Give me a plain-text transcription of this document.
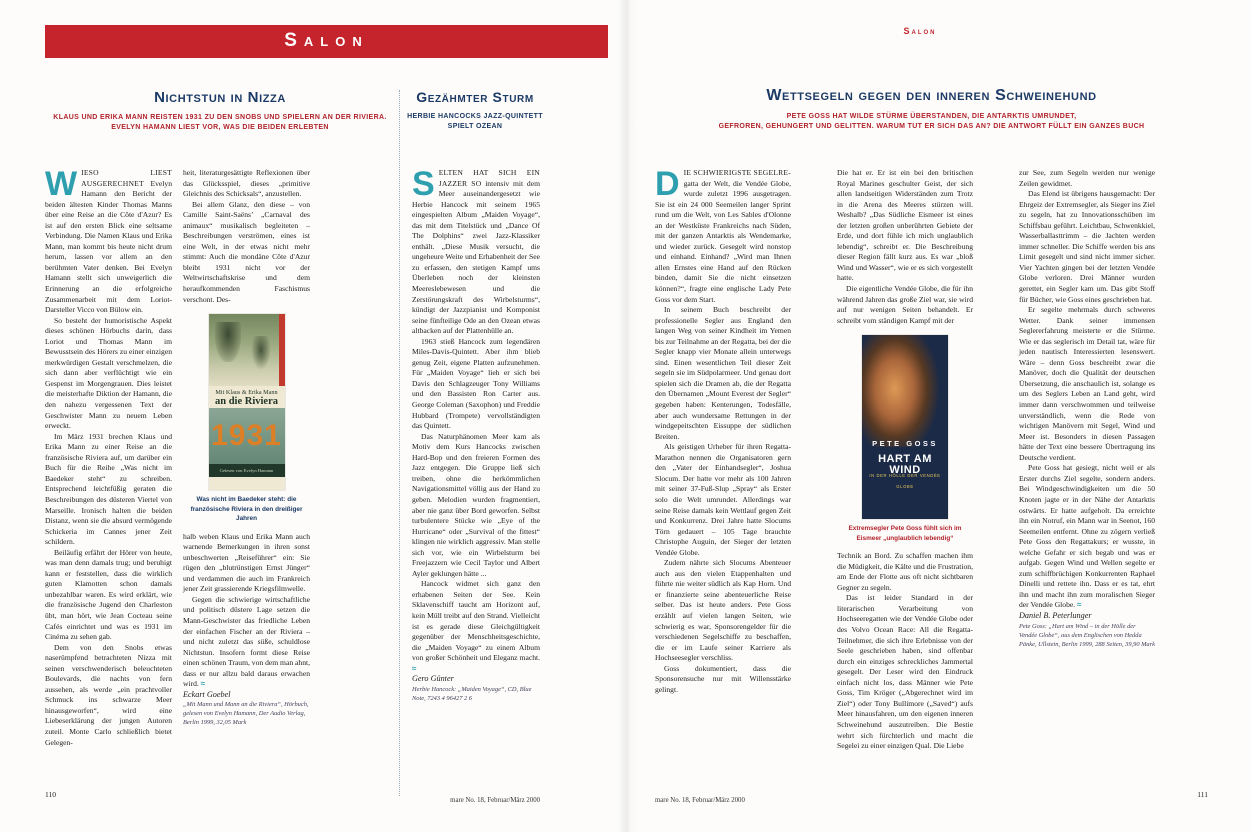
Salon	Salon
Nichtstun in Nizza
KLAUS UND ERIKA MANN REISTEN 1931 ZU DEN SNOBS UND SPIELERN AN DER RIVIERA. EVELYN HAMANN LIEST VOR, WAS DIE BEIDEN ERLEBTEN
Gezähmter Sturm
HERBIE HANCOCKS JAZZ-QUINTETT SPIELT OZEAN
Wettsegeln gegen den inneren Schweinehund
PETE GOSS HAT WILDE STÜRME ÜBERSTANDEN, DIE ANTARKTIS UMRUNDET,
GEFROREN, GEHUNGERT UND GELITTEN. WARUM TUT ER SICH DAS AN? DIE ANTWORT FÜLLT EIN GANZES BUCH

WIESO LIEST AUSGERECHNET Evelyn Hamann den Bericht der beiden ältesten Kinder Thomas Manns über eine Reise an die Côte d'Azur? Es ist auf den ersten Blick eine seltsame Verbindung. Die Namen Klaus und Erika Mann, man kommt bis heute nicht drum herum, lassen vor allem an den berühmten Vater denken. Bei Evelyn Hamann stellt sich unweigerlich die Erinnerung an die erfolgreiche Zusammenarbeit mit dem Loriot-Darsteller Vicco von Bülow ein.

So besteht der humoristische Aspekt dieses schönen Hörbuchs darin, dass Loriot und Thomas Mann im Bewusstsein des Hörers zu einer einzigen merkwürdigen Gestalt verschmelzen, die sich dann aber verflüchtigt wie ein Gespenst im Morgengrauen. Dies leistet die meisterhafte Diktion der Hamann, die den nahezu vergessenen Text der Geschwister Mann zu neuem Leben erweckt.

Im März 1931 brechen Klaus und Erika Mann zu einer Reise an die französische Riviera auf, um darüber ein Buch für die Reihe „Was nicht im Baedeker steht“ zu schreiben. Entsprechend leichtfüßig geraten die Beschreibungen des düsteren Viertel von Marseille. Ironisch halten die beiden Distanz, wenn sie die absurd vermögende Schickeria im Cannes jener Zeit schildern.

Beiläufig erfährt der Hörer von heute, was man denn damals trug; und beruhigt kann er feststellen, dass die wirklich guten Klamotten schon damals unbezahlbar waren. Es wird erklärt, wie die französische Jugend den Charleston übt, man hört, wie Jean Cocteau seine Cafés einrichtet und was es 1931 im Cinéma zu sehen gab.

Dem von den Snobs etwas naserümpfend betrachteten Nizza mit seinen verschwenderisch beleuchteten Boulevards, die nachts von fern aussehen, als werde „ein prachtvoller Schmuck ins schwarze Meer hinausgeworfen“, wird eine Liebeserklärung der jungen Autoren zuteil. Monte Carlo schließlich bietet Gelegen-

heit, literaturgesättigte Reflexionen über das Glücksspiel, dieses „primitive Gleichnis des Schicksals“, anzustellen.

Bei allem Glanz, den diese – von Camille Saint-Saëns’ „Carnaval des animaux“ musikalisch begleiteten – Beschreibungen verströmen, eines ist eine Welt, in der etwas nicht mehr stimmt: Auch die mondäne Côte d'Azur bleibt 1931 nicht vor der Weltwirtschaftskrise und dem heraufkommenden Faschismus verschont. Des-

Mit Klaus & Erika Mann
an die Riviera
1931
Gelesen von Evelyn Hamann
Was nicht im Baedeker steht: die französische Riviera in den dreißiger Jahren

halb weben Klaus und Erika Mann auch warnende Bemerkungen in ihren sonst unbeschwerten „Reiseführer“ ein: Sie rügen den „blutrünstigen Ernst Jünger“ und verdammen die auch im Frankreich jener Zeit grassierende Kriegsfilmwelle.

Gegen die schwierige wirtschaftliche und politisch düstere Lage setzen die Mann-Geschwister das friedliche Leben der einfachen Fischer an der Riviera – und nicht zuletzt das süße, schuldlose Nichtstun. Insofern formt diese Reise einen schönen Traum, von dem man ahnt, dass er nur allzu bald daraus erwachen wird. ≈

Eckart Goebel

„Mit Mann und Mann an die Riviera“, Hörbuch, gelesen von Evelyn Hamann, Der Audio Verlag, Berlin 1999, 32,05 Mark

SELTEN HAT SICH EIN JAZZER SO intensiv mit dem Meer auseinandergesetzt wie Herbie Hancock mit seinem 1965 eingespielten Album „Maiden Voyage“, das mit dem Titelstück und „Dance Of The Dolphins“ zwei Jazz-Klassiker enthält. „Diese Musik versucht, die ungeheure Weite und Erhabenheit der See zu erfassen, den stetigen Kampf ums Überleben noch der kleinsten Meereslebewesen und die Zerstörungskraft des Wirbelsturms“, kündigt der Jazzpianist und Komponist seine fünfteilige Ode an den Ozean etwas altbacken auf der Plattenhülle an.

1963 stieß Hancock zum legendären Miles-Davis-Quintett. Aber ihm blieb genug Zeit, eigene Platten aufzunehmen. Für „Maiden Voyage“ lieh er sich bei Davis den Schlagzeuger Tony Williams und den Bassisten Ron Carter aus. George Coleman (Saxophon) und Freddie Hubbard (Trompete) vervollständigten das Quintett.

Das Naturphänomen Meer kam als Motiv dem Kurs Hancocks zwischen Hard-Bop und den freieren Formen des Jazz entgegen. Die Gruppe ließ sich treiben, ohne die herkömmlichen Navigationsmittel völlig aus der Hand zu geben. Melodien wurden fragmentiert, aber nie ganz über Bord geworfen. Selbst turbulentere Stücke wie „Eye of the Hurricane“ oder „Survival of the fittest“ klingen nie wirklich aggressiv. Man stelle sich vor, wie ein Wirbelsturm bei Freejazzern wie Cecil Taylor und Albert Ayler geklungen hätte ...

Hancock widmet sich ganz den erhabenen Seiten der See. Kein Sklavenschiff taucht am Horizont auf, kein Müll treibt auf den Strand. Vielleicht ist es gerade diese Gleichgültigkeit gegenüber der Menschheitsgeschichte, die „Maiden Voyage“ zu einem Album von großer Schönheit und Eleganz macht. ≈

Gero Günter

Herbie Hancock: „Maiden Voyage“, CD, Blue Note, 7243 4 96427 2 6

DIE SCHWIERIGSTE SEGELRE-gatta der Welt, die Vendée Globe, wurde zuletzt 1996 ausgetragen. Sie ist ein 24 000 Seemeilen langer Sprint rund um die Welt, von Les Sables d'Olonne an der Westküste Frankreichs nach Süden, mit der ganzen Antarktis als Wendemarke, und wieder zurück. Gesegelt wird nonstop und einhand. Einhand? „Wird man Ihnen allen Ernstes eine Hand auf den Rücken binden, damit Sie die nicht einsetzen können?“, fragte eine englische Lady Pete Goss vor dem Start.

In seinem Buch beschreibt der professionelle Segler aus England den langen Weg von seiner Kindheit im Yemen bis zur Teilnahme an der Regatta, bei der die Segler knapp vier Monate allein unterwegs sind. Einen wesentlichen Teil dieser Zeit segeln sie im Südpolarmeer. Und genau dort spielen sich die Dramen ab, die der Regatta den Übernamen „Mount Everest der Segler“ gegeben haben: Kenterungen, Todesfälle, aber auch wundersame Rettungen in der windgepeitschten Eissuppe der südlichen Breiten.

Als geistigen Urheber für ihren Regatta-Marathon nennen die Organisatoren gern den „Vater der Einhandsegler“, Joshua Slocum. Der hatte vor mehr als 100 Jahren mit seiner 37-Fuß-Slup „Spray“ als Erster solo die Welt umrundet. Allerdings war seine Reise damals kein Wettlauf gegen Zeit und Konkurrenz. Drei Jahre hatte Slocums Törn gedauert – 105 Tage brauchte Christophe Auguin, der Sieger der letzten Vendée Globe.

Zudem nährte sich Slocums Abenteuer auch aus den vielen Etappenhalten und führte nie weiter südlich als Kap Horn. Und er finanzierte seine abenteuerliche Reise selber. Das ist heute anders. Pete Goss erzählt auf vielen langen Seiten, wie schwierig es war, Sponsorengelder für die verschiedenen Segelschiffe zu beschaffen, die er im Laufe seiner Karriere als Hochseesegler verschliss.

Goss dokumentiert, dass die Sponsorensuche nur mit Willensstärke gelingt.

Die hat er. Er ist ein bei den britischen Royal Marines geschulter Geist, der sich allen landseitigen Widerständen zum Trotz in die Arena des Meeres stürzen will. Weshalb? „Das Südliche Eismeer ist eines der letzten großen unberührten Gebiete der Erde, und dort fühle ich mich unglaublich lebendig“, schreibt er. Die Beschreibung dieser Region fällt kurz aus. Es war „bloß Wind und Wasser“, wie er es sich vorgestellt hatte.

Die eigentliche Vendée Globe, die für ihn während Jahren das große Ziel war, sie wird auf nur wenigen Seiten behandelt. Er schreibt vom ständigen Kampf mit der

PETE GOSS
HART AM WIND
IN DER HÖLLE DER VENDÉE GLOBE
Extremsegler Pete Goss fühlt sich im Eismeer „unglaublich lebendig“

Technik an Bord. Zu schaffen machen ihm die Müdigkeit, die Kälte und die Frustration, am Ende der Flotte aus oft nicht sichtbaren Gegner zu segeln.

Das ist leider Standard in der literarischen Verarbeitung von Hochseeregatten wie der Vendée Globe oder des Volvo Ocean Race: All die Regatta-Teilnehmer, die sich ihre Erlebnisse von der Seele geschrieben haben, sind offenbar durch ein einziges schreckliches Jammertal gesegelt. Der Leser wird den Eindruck einfach nicht los, dass Männer wie Pete Goss, Tim Kröger („Abgerechnet wird im Ziel“) oder Tony Bullimore („Saved“) aufs Meer hinausfahren, um den eigenen inneren Schweinehund auszutreiben. Die Bestie wehrt sich fürchterlich und macht die Segelei zu einer einzigen Qual. Die Liebe

zur See, zum Segeln werden nur wenige Zeilen gewidmet.

Das Elend ist übrigens hausgemacht: Der Ehrgeiz der Extremsegler, als Sieger ins Ziel zu segeln, hat zu Innovationsschüben im Schiffsbau geführt. Leichtbau, Schwenkkiel, Wasserballasttrimm – die Jachten werden immer schneller. Die Schiffe werden bis ans Limit gesegelt und sind nicht immer sicher. Vier Yachten gingen bei der letzten Vendée Globe verloren. Drei Männer wurden gerettet, ein Segler kam um. Das gibt Stoff für Bücher, wie Goss eines geschrieben hat.

Er segelte mehrmals durch schweres Wetter. Dank seiner immensen Seglererfahrung meisterte er die Stürme. Wie er das seglerisch im Detail tat, wäre für jeden nautisch Interessierten lesenswert. Wäre – denn Goss beschreibt zwar die Manöver, doch die Qualität der deutschen Übersetzung, die anschaulich ist, solange es um des Seglers Leben an Land geht, wird immer dann verschwommen und teilweise unverständlich, wenn die Rede von wichtigen Manövern mit Segel, Wind und Meer ist. Besonders in diesen Passagen hätte der Text eine bessere Übertragung ins Deutsche verdient.

Pete Goss hat gesiegt, nicht weil er als Erster durchs Ziel segelte, sondern anders. Bei Windgeschwindigkeiten um die 50 Knoten jagte er in der Nähe der Antarktis ostwärts. Er hatte aufgeholt. Da erreichte ihn ein Notruf, ein Mann war in Seenot, 160 Seemeilen entfernt. Ohne zu zögern verließ Pete Goss den Regattakurs; er wusste, in welche Gefahr er sich begab und was er aufgab. Gegen Wind und Wellen segelte er zum schiffbrüchigen Konkurrenten Raphael Dinelli und rettete ihn. Dass er es tat, ehrt ihn und macht ihn zum moralischen Sieger der Vendée Globe. ≈

Daniel B. Peterlunger

Pete Goss: „Hart am Wind – in der Hölle der Vendée Globe“, aus dem Englischen von Hedda Pänke, Ullstein, Berlin 1999, 288 Seiten, 39,90 Mark

110
mare No. 18, Februar/März 2000	mare No. 18, Februar/März 2000
111
